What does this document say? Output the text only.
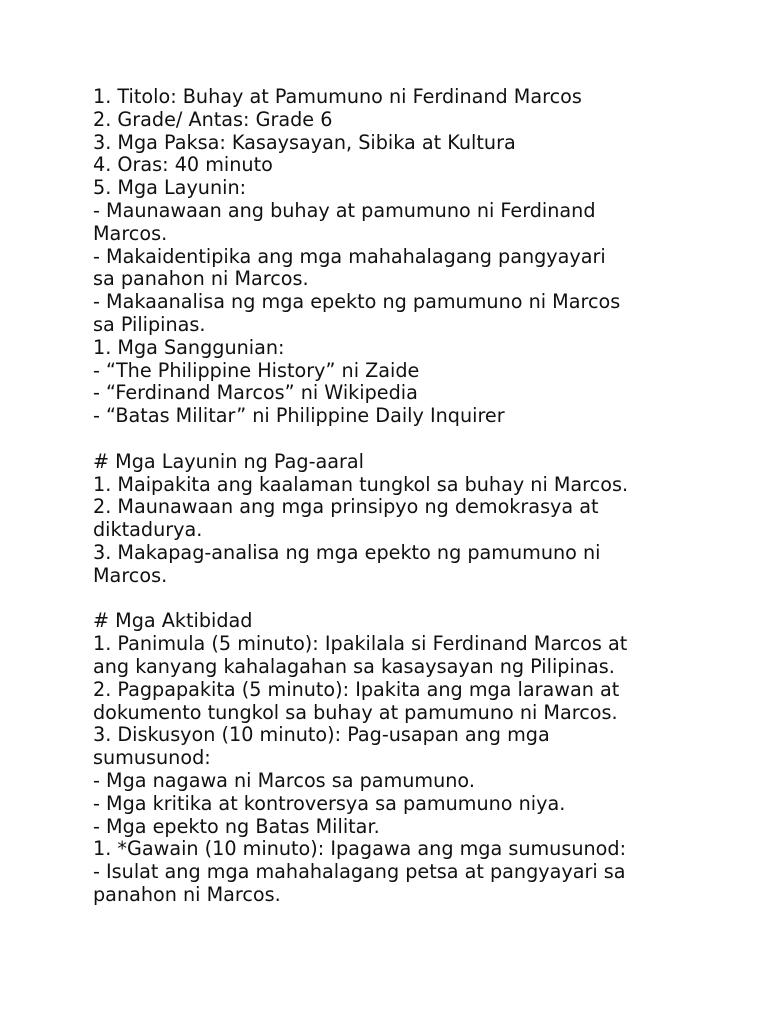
1. Titolo: Buhay at Pamumuno ni Ferdinand Marcos
2. Grade/ Antas: Grade 6
3. Mga Paksa: Kasaysayan, Sibika at Kultura
4. Oras: 40 minuto
5. Mga Layunin:
- Maunawaan ang buhay at pamumuno ni Ferdinand
Marcos.
- Makaidentipika ang mga mahahalagang pangyayari
sa panahon ni Marcos.
- Makaanalisa ng mga epekto ng pamumuno ni Marcos
sa Pilipinas.
1. Mga Sanggunian:
- “The Philippine History” ni Zaide
- “Ferdinand Marcos” ni Wikipedia
- “Batas Militar” ni Philippine Daily Inquirer
# Mga Layunin ng Pag-aaral
1. Maipakita ang kaalaman tungkol sa buhay ni Marcos.
2. Maunawaan ang mga prinsipyo ng demokrasya at
diktadurya.
3. Makapag-analisa ng mga epekto ng pamumuno ni
Marcos.
# Mga Aktibidad
1. Panimula (5 minuto): Ipakilala si Ferdinand Marcos at
ang kanyang kahalagahan sa kasaysayan ng Pilipinas.
2. Pagpapakita (5 minuto): Ipakita ang mga larawan at
dokumento tungkol sa buhay at pamumuno ni Marcos.
3. Diskusyon (10 minuto): Pag-usapan ang mga
sumusunod:
- Mga nagawa ni Marcos sa pamumuno.
- Mga kritika at kontroversya sa pamumuno niya.
- Mga epekto ng Batas Militar.
1. *Gawain (10 minuto): Ipagawa ang mga sumusunod:
- Isulat ang mga mahahalagang petsa at pangyayari sa
panahon ni Marcos.
